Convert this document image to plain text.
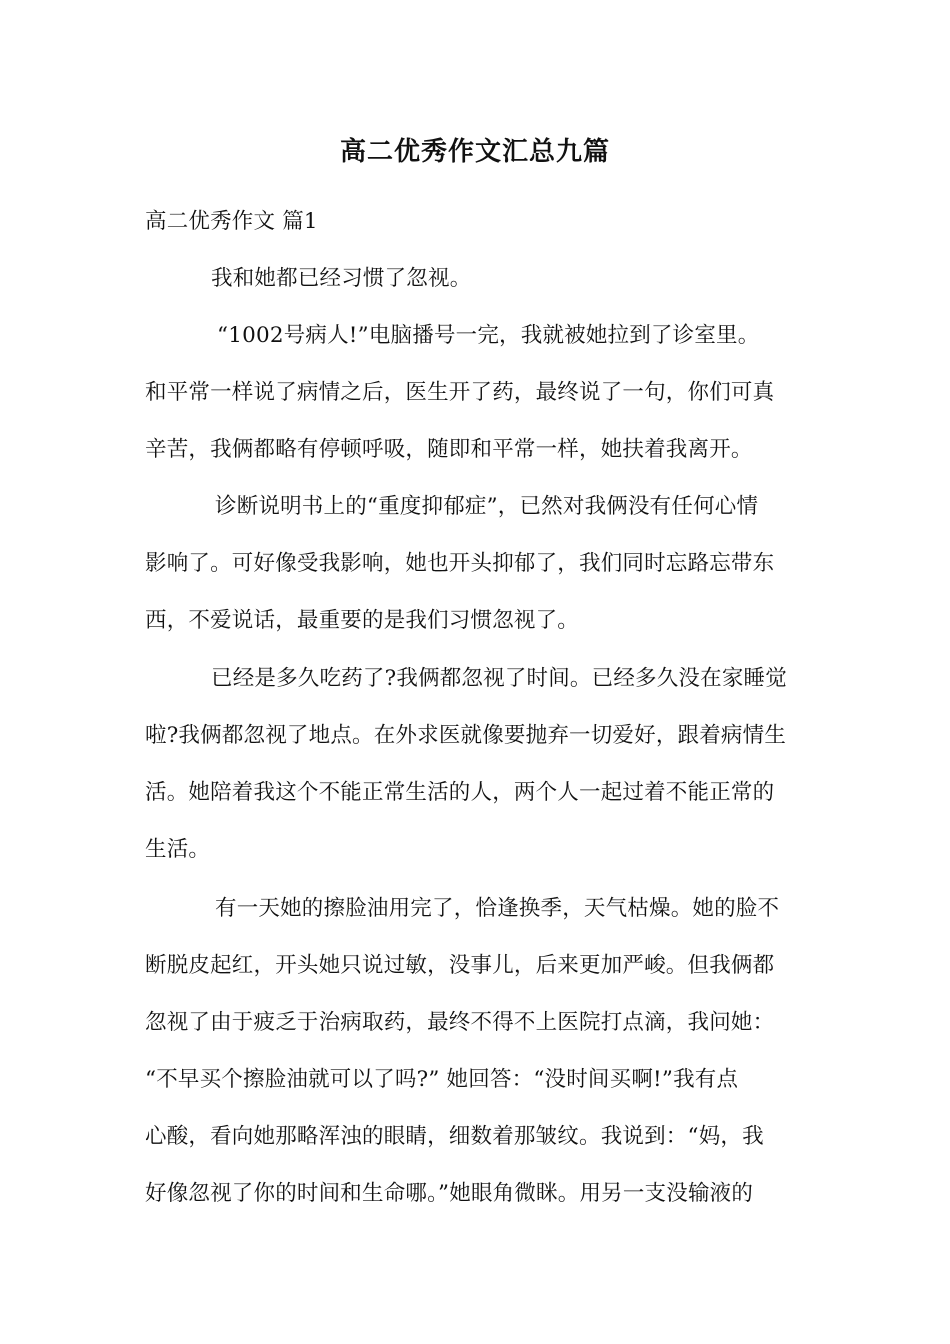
高二优秀作文汇总九篇
高二优秀作文 篇1
我和她都已经习惯了忽视。
“1002号病人!”电脑播号一完，我就被她拉到了诊室里。
和平常一样说了病情之后，医生开了药，最终说了一句，你们可真
辛苦，我俩都略有停顿呼吸，随即和平常一样，她扶着我离开。
诊断说明书上的“重度抑郁症”，已然对我俩没有任何心情
影响了。可好像受我影响，她也开头抑郁了，我们同时忘路忘带东
西，不爱说话，最重要的是我们习惯忽视了。
已经是多久吃药了?我俩都忽视了时间。已经多久没在家睡觉
啦?我俩都忽视了地点。在外求医就像要抛弃一切爱好，跟着病情生
活。她陪着我这个不能正常生活的人，两个人一起过着不能正常的
生活。
有一天她的擦脸油用完了，恰逢换季，天气枯燥。她的脸不
断脱皮起红，开头她只说过敏，没事儿，后来更加严峻。但我俩都
忽视了由于疲乏于治病取药，最终不得不上医院打点滴，我问她：
“不早买个擦脸油就可以了吗?” 她回答：“没时间买啊!”我有点
心酸，看向她那略浑浊的眼睛，细数着那皱纹。我说到：“妈，我
好像忽视了你的时间和生命哪。”她眼角微眯。用另一支没输液的
